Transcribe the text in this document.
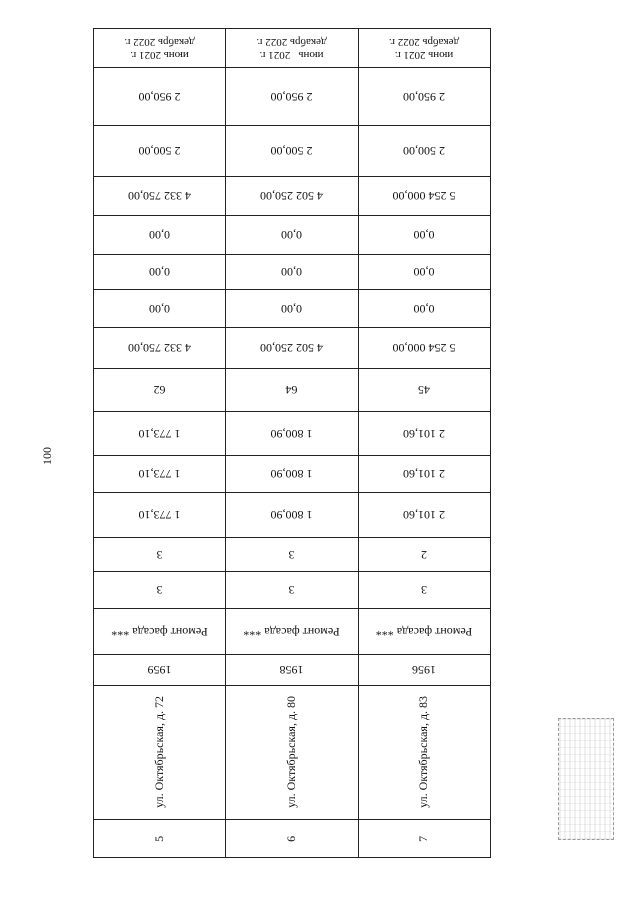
100
июнь 2021 г.
декабрь 2022 г.
2 950,00
2 500,00
4 332 750,00
0,00
0,00
0,00
4 332 750,00
62
1 773,10
1 773,10
1 773,10
3
3
Ремонт фасада ***
1959
ул. Октябрьская, д. 72
5
июнь   2021 г.
декабрь 2022 г.
2 950,00
2 500,00
4 502 250,00
0,00
0,00
0,00
4 502 250,00
64
1 800,90
1 800,90
1 800,90
3
3
Ремонт фасада ***
1958
ул. Октябрьская, д. 80
6
июнь 2021 г.
декабрь 2022 г.
2 950,00
2 500,00
5 254 000,00
0,00
0,00
0,00
5 254 000,00
45
2 101,60
2 101,60
2 101,60
2
3
Ремонт фасада ***
1956
ул. Октябрьская, д. 83
7
